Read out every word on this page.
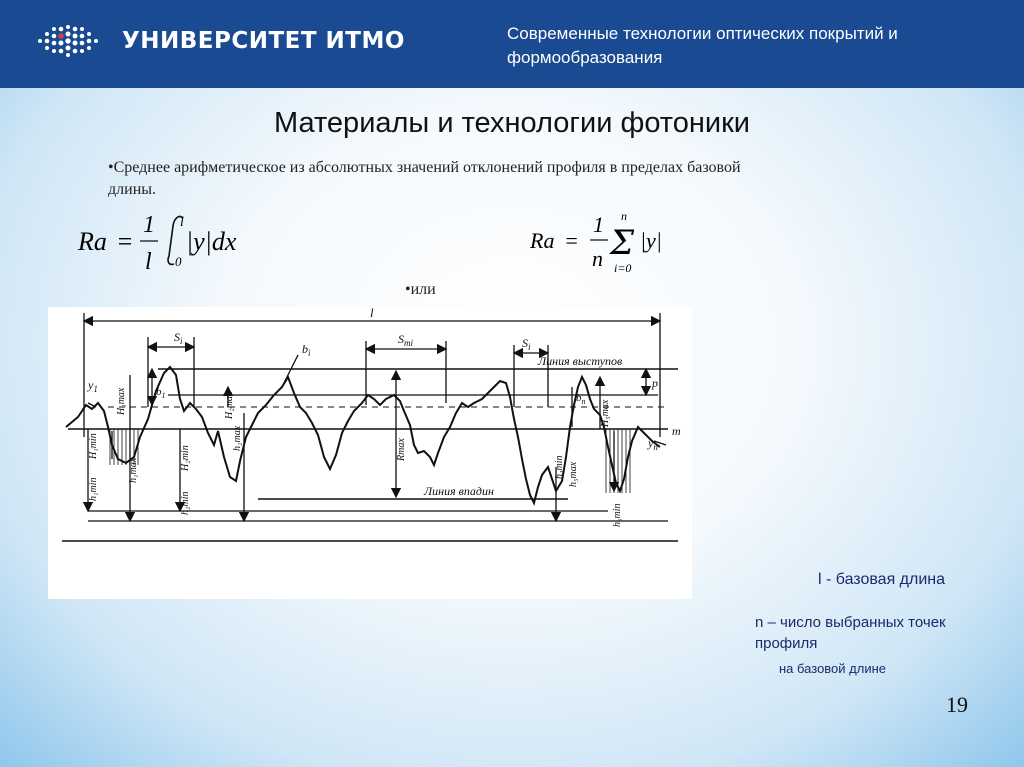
УНИВЕРСИТЕТ ИТМО	Современные технологии оптических покрытий и формообразования
Материалы и технологии фотоники
•Среднее арифметическое из абсолютных значений отклонений профиля в пределах базовой длины.
Ra =
1
l
l
0
|y|dx	Ra =
1
n
n
Σ
i=0
|y|
•или
l
$S_i$	$S_{mi}$	$S_i$
$b_i$
$b_1$	$b_n$
$y_1$
$y_n$
m
p
Линия выступов
Линия впадин
H₁max	H₂max
h₂max
H₁min
h₁max
h₁min
H₂min
h₂min
Rmax
H₅max
h₄min h₅max
h₅min
l - базовая длина
n – число выбранных точек профиля
на базовой длине
19
